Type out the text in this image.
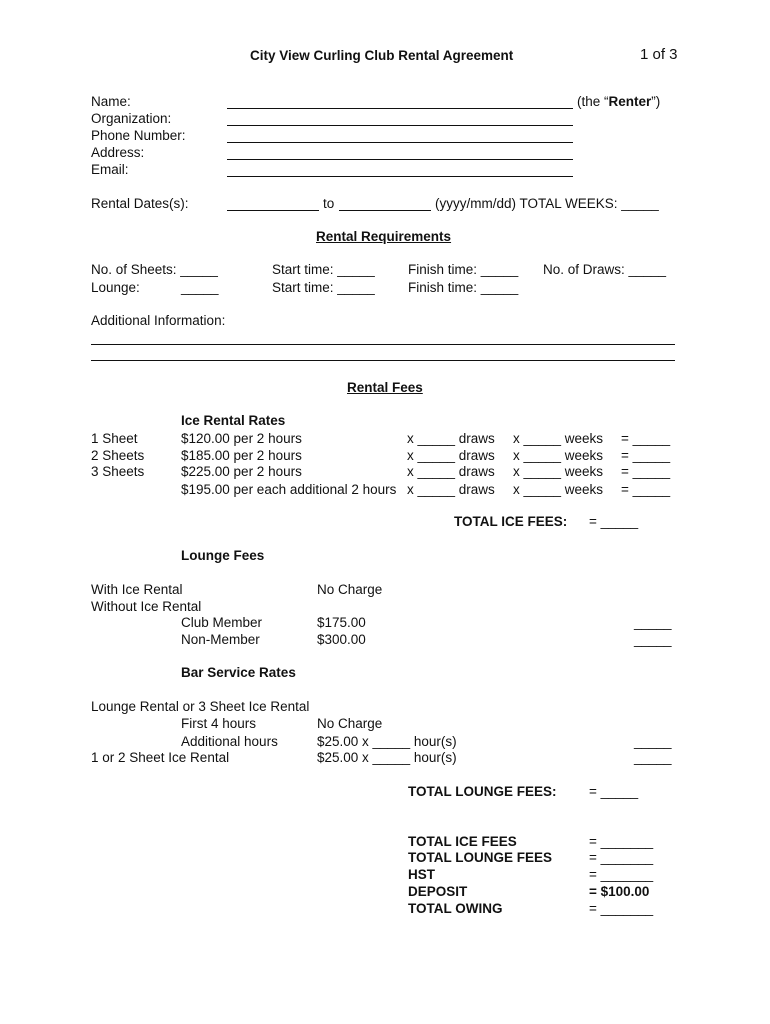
City View Curling Club Rental Agreement	1 of 3
Name:	(the “Renter”)
Organization:
Phone Number:
Address:
Email:
Rental Dates(s):	to	(yyyy/mm/dd) TOTAL WEEKS: _____
Rental Requirements
No. of Sheets: _____	Start time: _____ Finish time: _____ No. of Draws: _____
Lounge:	_____	Start time: _____ Finish time: _____
Additional Information:
Rental Fees
Ice Rental Rates
1 Sheet	$120.00 per 2 hours	x _____ draws x _____ weeks = _____
2 Sheets	$185.00 per 2 hours	x _____ draws x _____ weeks = _____
3 Sheets	$225.00 per 2 hours	x _____ draws x _____ weeks = _____
$195.00 per each additional 2 hours x _____ draws x _____ weeks = _____
TOTAL ICE FEES: = _____
Lounge Fees
With Ice Rental	No Charge
Without Ice Rental
Club Member	$175.00	_____
Non-Member	$300.00	_____
Bar Service Rates
Lounge Rental or 3 Sheet Ice Rental
First 4 hours	No Charge
Additional hours	$25.00 x _____ hour(s)	_____
1 or 2 Sheet Ice Rental	$25.00 x _____ hour(s)	_____
TOTAL LOUNGE FEES: = _____
TOTAL ICE FEES	= _______
TOTAL LOUNGE FEES	= _______
HST	= _______
DEPOSIT	= $100.00
TOTAL OWING	= _______
